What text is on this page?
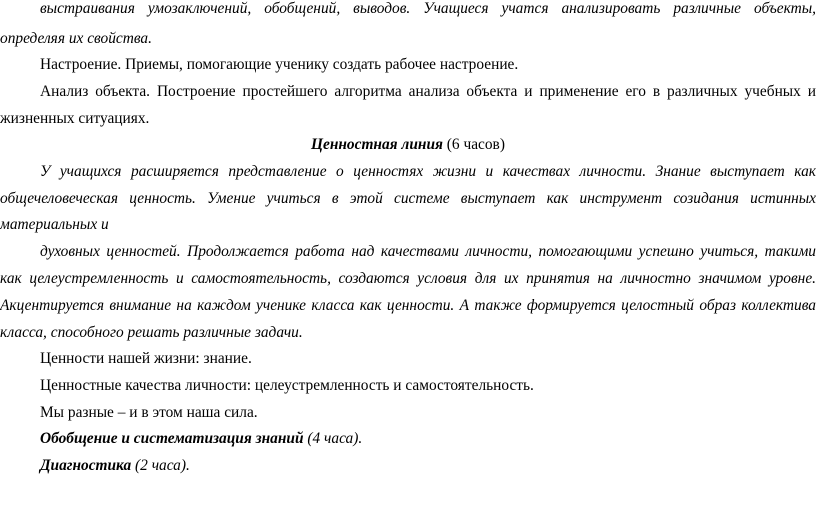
выстраивания умозаключений, обобщений, выводов. Учащиеся учатся анализировать различные объекты,
определяя их свойства.
Настроение. Приемы, помогающие ученику создать рабочее настроение.
Анализ объекта. Построение простейшего алгоритма анализа объекта и применение его в различных учебных и
жизненных ситуациях.
Ценностная линия (6 часов)
У учащихся расширяется представление о ценностях жизни и качествах личности. Знание выступает как
общечеловеческая ценность. Умение учиться в этой системе выступает как инструмент созидания истинных
материальных и
духовных ценностей. Продолжается работа над качествами личности, помогающими успешно учиться, такими
как целеустремленность и самостоятельность, создаются условия для их принятия на личностно значимом уровне.
Акцентируется внимание на каждом ученике класса как ценности. А также формируется целостный образ коллектива
класса, способного решать различные задачи.
Ценности нашей жизни: знание.
Ценностные качества личности: целеустремленность и самостоятельность.
Мы разные – и в этом наша сила.
Обобщение и систематизация знаний (4 часа).
Диагностика (2 часа).
